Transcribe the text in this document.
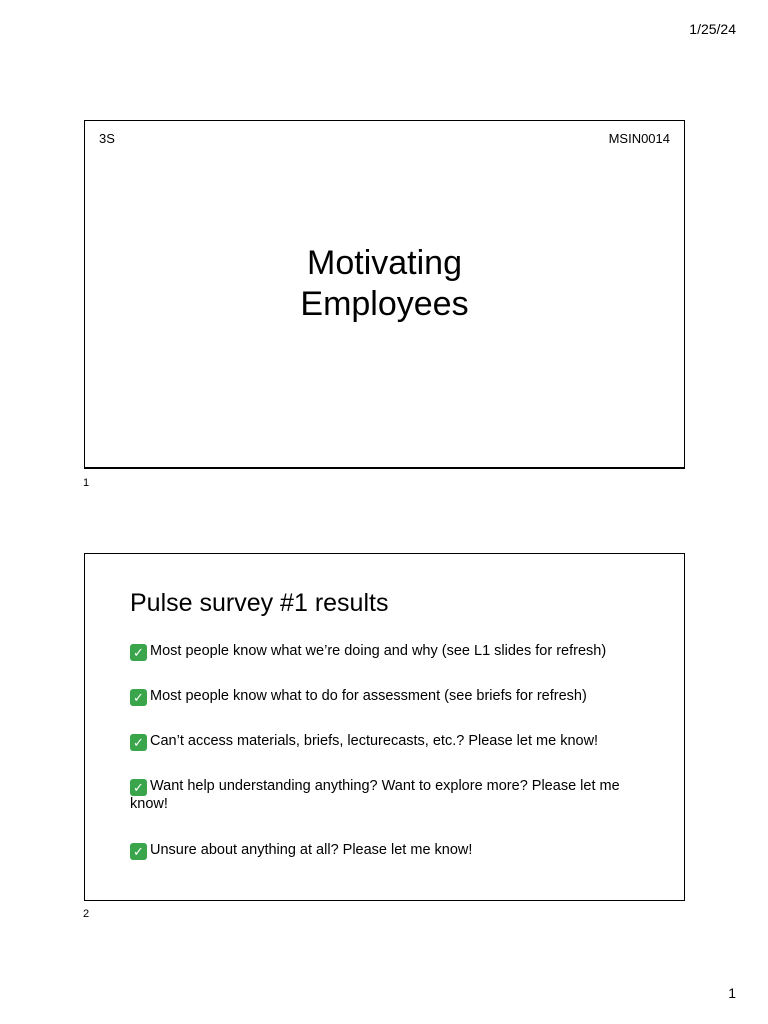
1/25/24
3S	MSIN0014
Motivating
Employees
1
Pulse survey #1 results
✓ Most people know what we’re doing and why (see L1 slides for refresh)
✓ Most people know what to do for assessment (see briefs for refresh)
✓ Can’t access materials, briefs, lecturecasts, etc.? Please let me know!
✓ Want help understanding anything? Want to explore more? Please let me know!
✓ Unsure about anything at all? Please let me know!
2
1
